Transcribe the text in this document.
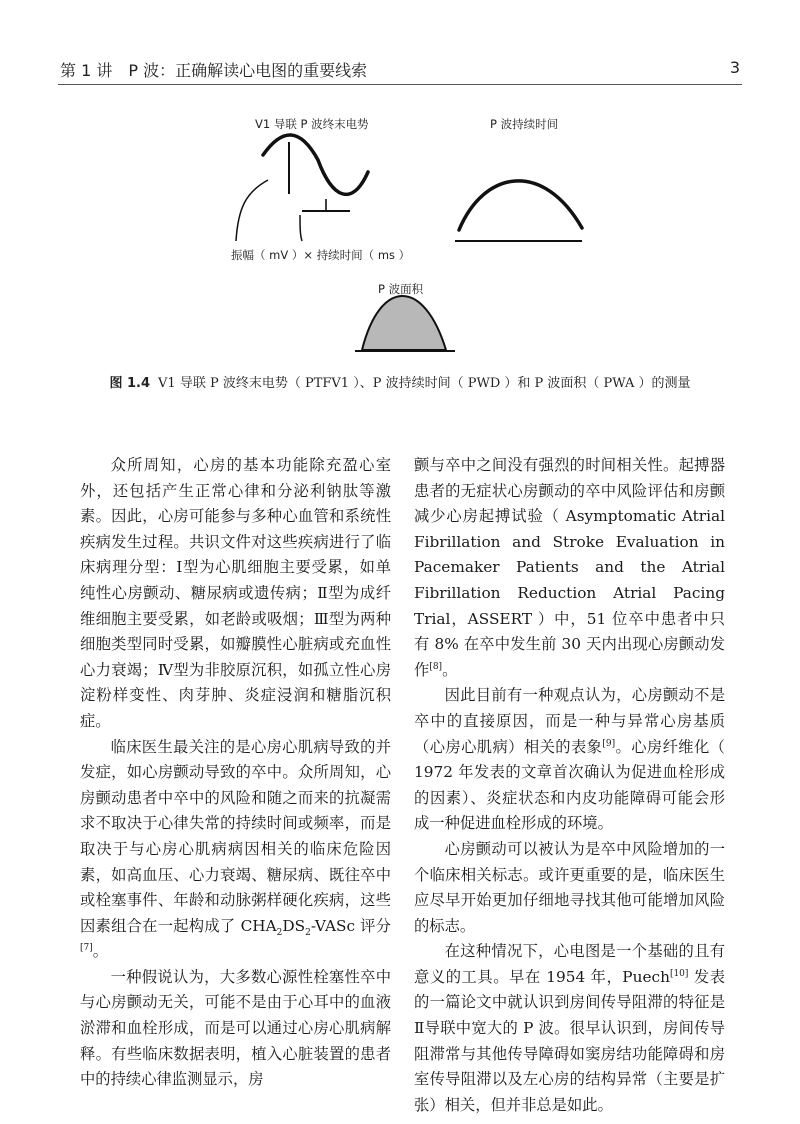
第 1 讲　P 波：正确解读心电图的重要线索	3
V1 导联 P 波终末电势	P 波持续时间
振幅（ mV ）× 持续时间（ ms ）
P 波面积
图 1.4 V1 导联 P 波终末电势（ PTFV1 ）、P 波持续时间（ PWD ）和 P 波面积（ PWA ）的测量

众所周知，心房的基本功能除充盈心室外，还包括产生正常心律和分泌利钠肽等激素。因此，心房可能参与多种心血管和系统性疾病发生过程。共识文件对这些疾病进行了临床病理分型：Ⅰ型为心肌细胞主要受累，如单纯性心房颤动、糖尿病或遗传病；Ⅱ型为成纤维细胞主要受累，如老龄或吸烟；Ⅲ型为两种细胞类型同时受累，如瓣膜性心脏病或充血性心力衰竭；Ⅳ型为非胶原沉积，如孤立性心房淀粉样变性、肉芽肿、炎症浸润和糖脂沉积症。

临床医生最关注的是心房心肌病导致的并发症，如心房颤动导致的卒中。众所周知，心房颤动患者中卒中的风险和随之而来的抗凝需求不取决于心律失常的持续时间或频率，而是取决于与心房心肌病病因相关的临床危险因素，如高血压、心力衰竭、糖尿病、既往卒中或栓塞事件、年龄和动脉粥样硬化疾病，这些因素组合在一起构成了 $CHA_2DS_2$-VASc 评分[7]。

一种假说认为，大多数心源性栓塞性卒中与心房颤动无关，可能不是由于心耳中的血液淤滞和血栓形成，而是可以通过心房心肌病解释。有些临床数据表明，植入心脏装置的患者中的持续心律监测显示，房

颤与卒中之间没有强烈的时间相关性。起搏器患者的无症状心房颤动的卒中风险评估和房颤减少心房起搏试验（ Asymptomatic Atrial Fibrillation and Stroke Evaluation in Pacemaker Patients and the Atrial Fibrillation Reduction Atrial Pacing Trial，ASSERT ）中，51 位卒中患者中只有 8% 在卒中发生前 30 天内出现心房颤动发作[8]。

因此目前有一种观点认为，心房颤动不是卒中的直接原因，而是一种与异常心房基质（心房心肌病）相关的表象[9]。心房纤维化（ 1972 年发表的文章首次确认为促进血栓形成的因素）、炎症状态和内皮功能障碍可能会形成一种促进血栓形成的环境。

心房颤动可以被认为是卒中风险增加的一个临床相关标志。或许更重要的是，临床医生应尽早开始更加仔细地寻找其他可能增加风险的标志。

在这种情况下，心电图是一个基础的且有意义的工具。早在 1954 年，Puech[10] 发表的一篇论文中就认识到房间传导阻滞的特征是Ⅱ导联中宽大的 P 波。很早认识到，房间传导阻滞常与其他传导障碍如窦房结功能障碍和房室传导阻滞以及左心房的结构异常（主要是扩张）相关，但并非总是如此。
